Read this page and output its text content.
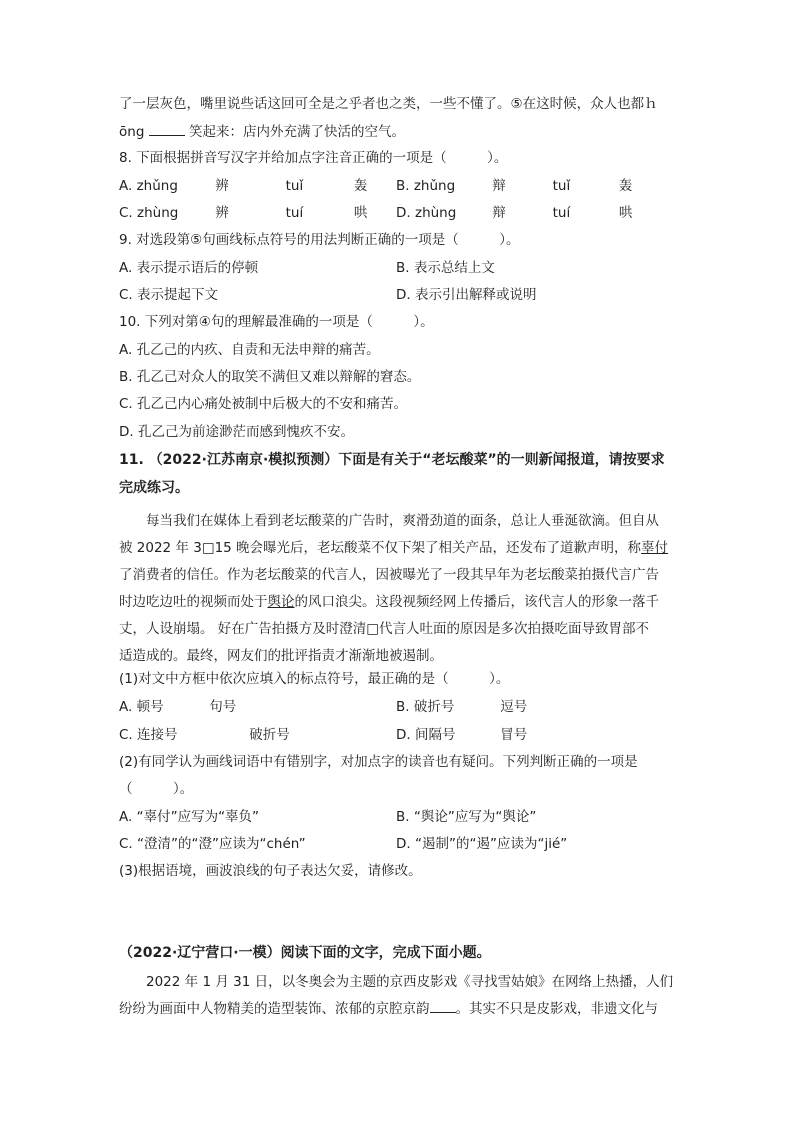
了一层灰色，嘴里说些话这回可全是之乎者也之类，一些不懂了。⑤在这时候，众人也都ｈ
ōng	笑起来：店内外充满了快活的空气。
8. 下面根据拼音写汉字并给加点字注音正确的一项是（　　　）。
A. zhǔng	辨	tuǐ	轰 B. zhǔng	辩	tuǐ	轰
C. zhùng	辨	tuí	哄 D. zhùng	辩	tuí	哄
9. 对选段第⑤句画线标点符号的用法判断正确的一项是（　　　）。
A. 表示提示语后的停顿	B. 表示总结上文
C. 表示提起下文	D. 表示引出解释或说明
10. 下列对第④句的理解最准确的一项是（　　　）。
A. 孔乙己的内疚、自责和无法申辩的痛苦。
B. 孔乙己对众人的取笑不满但又难以辩解的窘态。
C. 孔乙己内心痛处被制中后极大的不安和痛苦。
D. 孔乙己为前途渺茫而感到愧疚不安。
11. （2022·江苏南京·模拟预测）下面是有关于“老坛酸菜”的一则新闻报道，请按要求
完成练习。
每当我们在媒体上看到老坛酸菜的广告时，爽滑劲道的面条，总让人垂涎欲滴。但自从
被 2022 年 3□15 晚会曝光后，老坛酸菜不仅下架了相关产品，还发布了道歉声明，称辜付
了消费者的信任。作为老坛酸菜的代言人，因被曝光了一段其早年为老坛酸菜拍摄代言广告
时边吃边吐的视频而处于舆论的风口浪尖。这段视频经网上传播后，该代言人的形象一落千
丈，人设崩塌。 好在广告拍摄方及时澄清□代言人吐面的原因是多次拍摄吃面导致胃部不
适造成的。最终，网友们的批评指责才渐渐地被遏制。
(1)对文中方框中依次应填入的标点符号，最正确的是（　　　）。
A. 顿号	句号	B. 破折号	逗号
C. 连接号	破折号	D. 间隔号	冒号
(2)有同学认为画线词语中有错别字，对加点字的读音也有疑问。下列判断正确的一项是
（　　　）。
A. “辜付”应写为“辜负”	B. “舆论”应写为“舆论”
C. “澄清”的“澄”应读为“chén”	D. “遏制”的“遏”应读为“jié”
(3)根据语境，画波浪线的句子表达欠妥，请修改。
（2022·辽宁营口·一模）阅读下面的文字，完成下面小题。
2022 年 1 月 31 日，以冬奥会为主题的京西皮影戏《寻找雪姑娘》在网络上热播，人们
纷纷为画面中人物精美的造型装饰、浓郁的京腔京韵 。其实不只是皮影戏，非遗文化与
